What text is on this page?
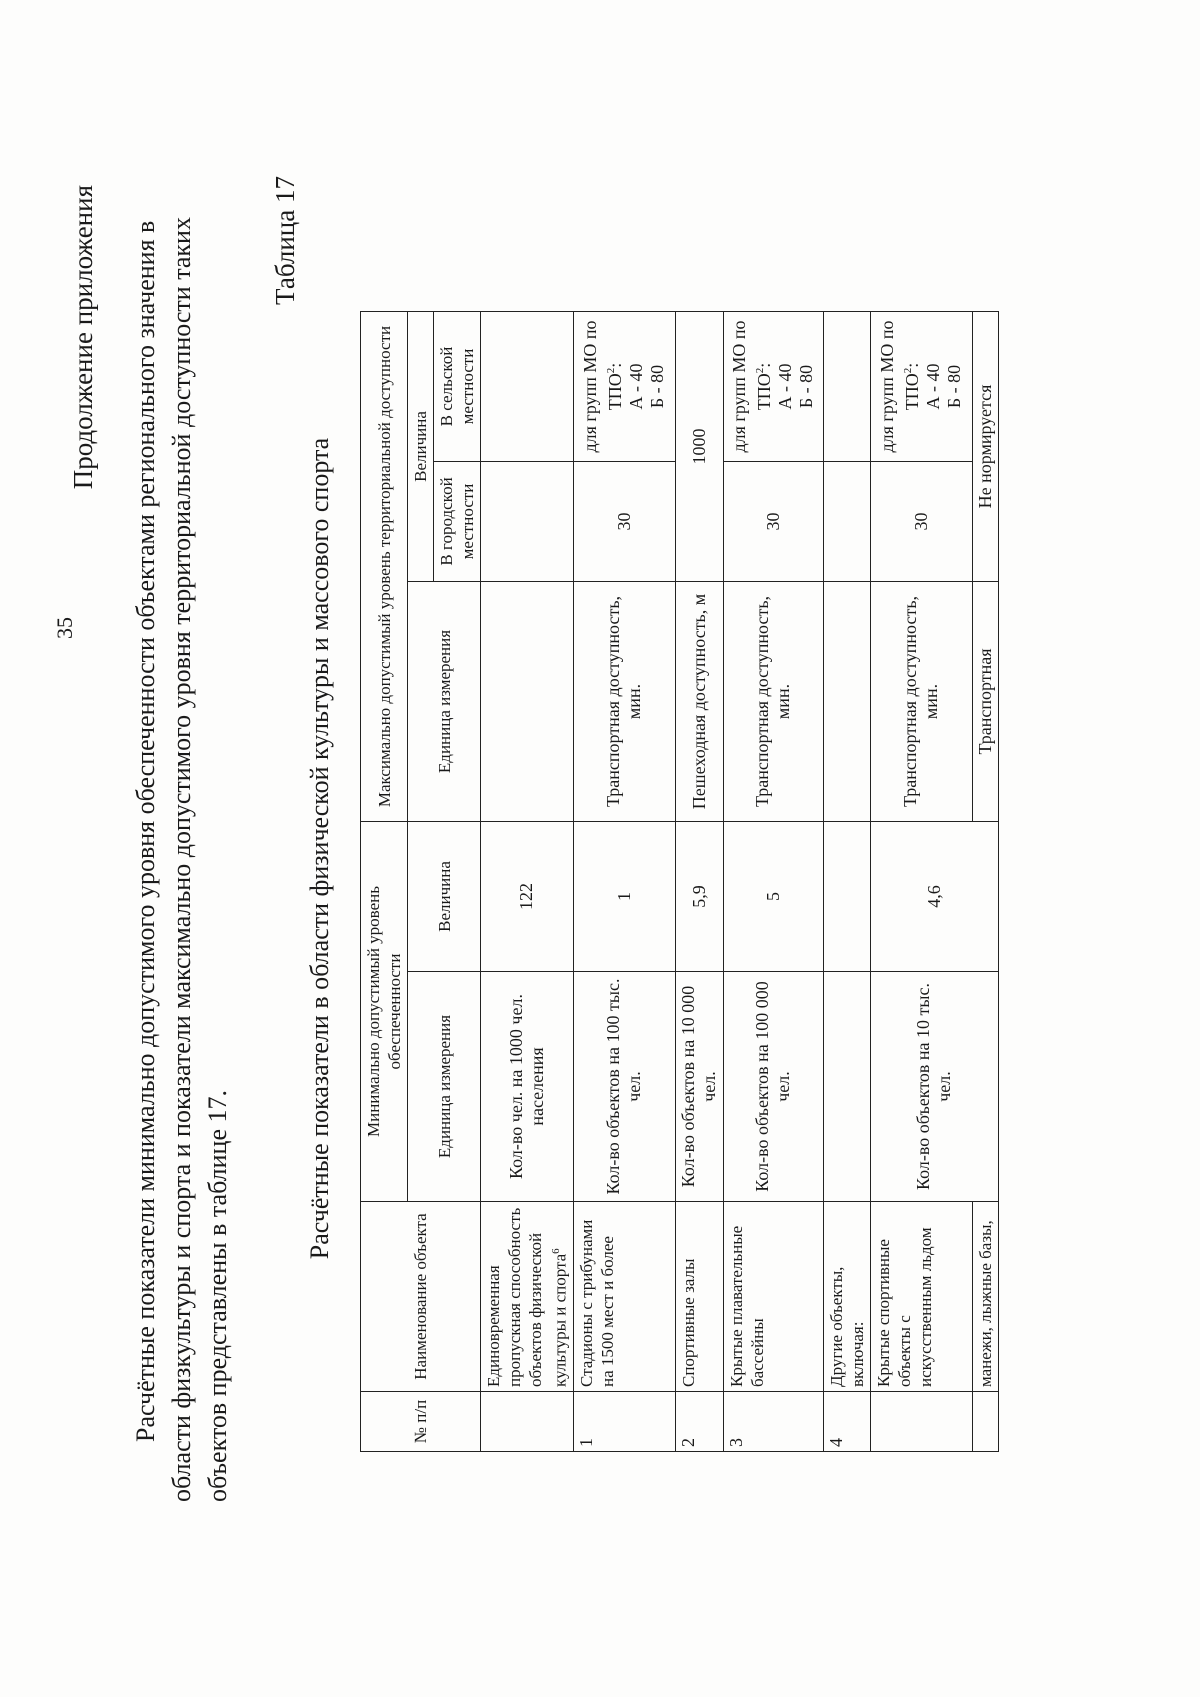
35
Продолжение приложения Расчётные показатели минимально допустимого уровня обеспеченности объектами регионального значения в области физкультуры и спорта и показатели максимально допустимого уровня территориальной доступности таких объектов представлены в таблице 17.
Таблица 17
Расчётные показатели в области физической культуры и массового спорта
№ п/п	Наименование объекта	Минимально допустимый уровень обеспеченности		Максимально допустимый уровень территориальной доступности		
		Единица измерения	Величина	Единица измерения	Величина	
					В городской местности	В сельской местности
	Единовременная пропускная способность объектов физической культуры и спорта$^6$	Кол-во чел. на 1000 чел. населения	122			
1	Стадионы с трибунами на 1500 мест и более	Кол-во объектов на 100 тыс. чел.	1	Транспортная доступность, мин.	30	для групп МО по ТПО$^2$: А - 40 Б - 80

2	Спортивные залы	Кол-во объектов на 10 000 чел.	5,9	Пешеходная доступность, м	1000	
3	Крытые плавательные бассейны	Кол-во объектов на 100 000 чел.	5	Транспортная доступность, мин.	30	для групп МО по ТПО$^2$: А - 40 Б - 80

4	Другие объекты, включая:					
	Крытые спортивные объекты с искусственным льдом	Кол-во объектов на 10 тыс. чел.	4,6	Транспортная доступность, мин.	30	для групп МО по ТПО$^2$: А - 40 Б - 80

	манежи, лыжные базы,			Транспортная	Не нормируется	
